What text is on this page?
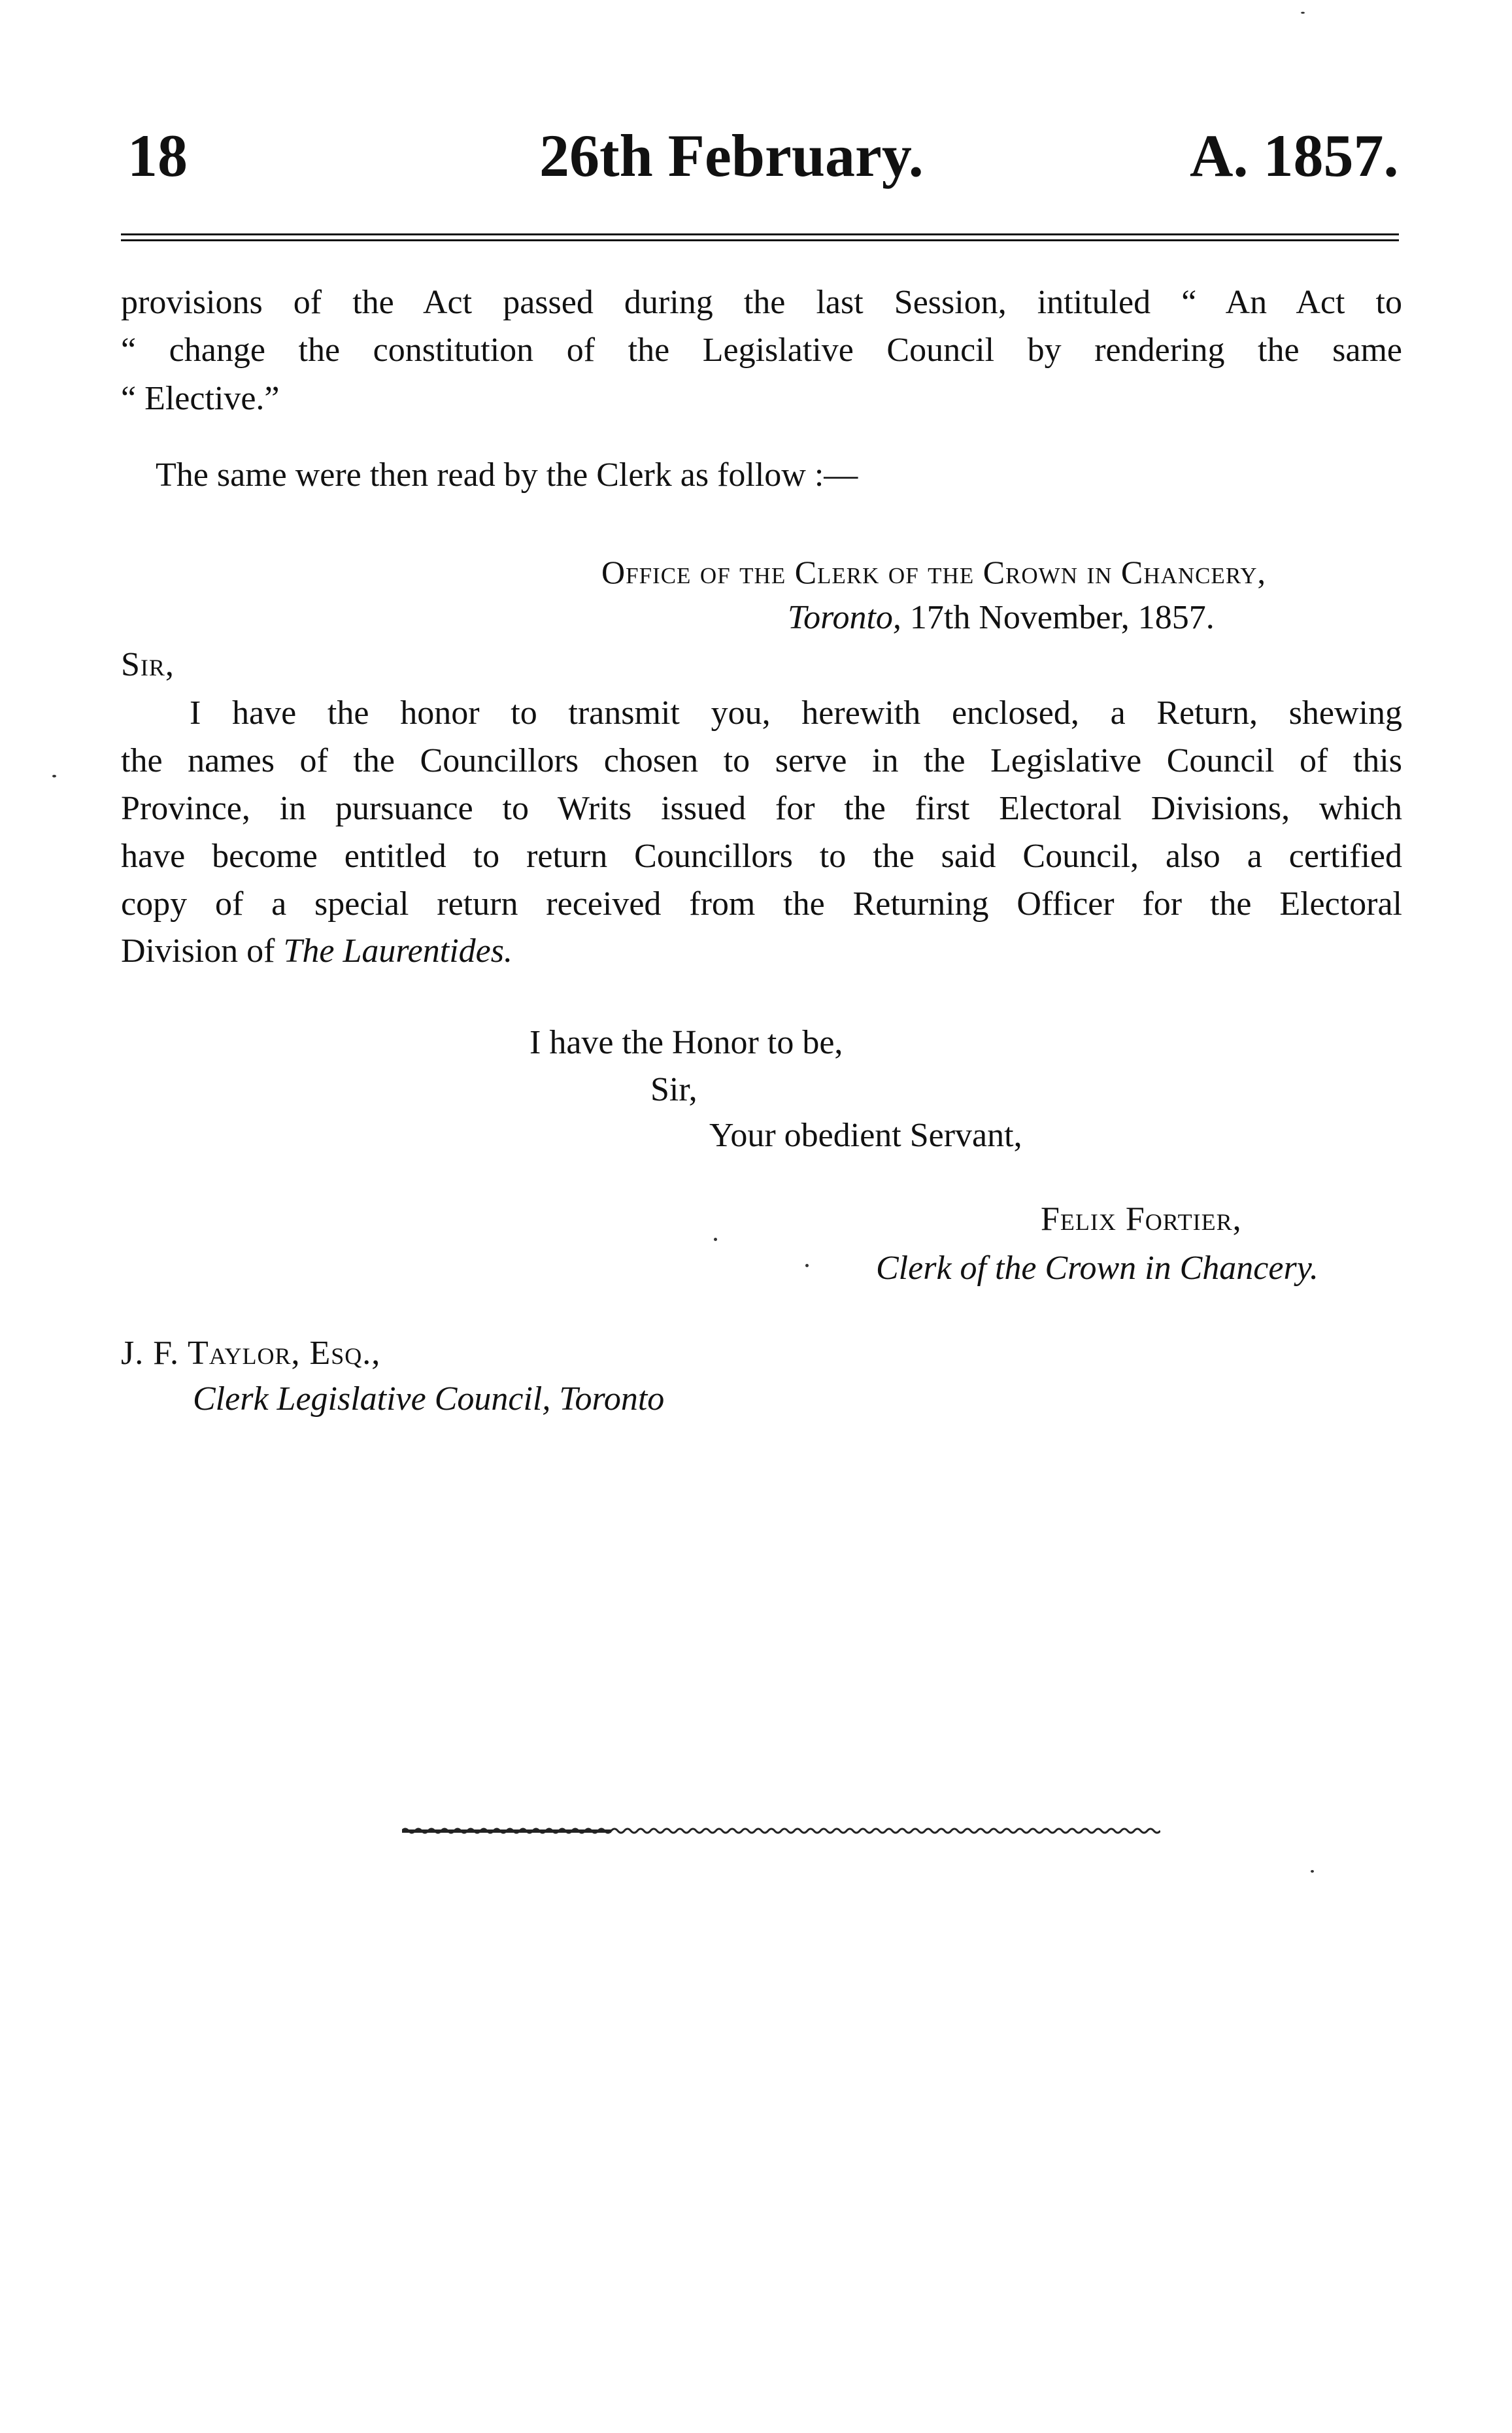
18	26th February.	A. 1857.
provisions of the Act passed during the last Session, intituled “ An Act to
“ change the constitution of the Legislative Council by rendering the same
“ Elective.”
The same were then read by the Clerk as follow :—
Office of the Clerk of the Crown in Chancery,
Toronto, 17th November, 1857.
Sir,
I have the honor to transmit you, herewith enclosed, a Return, shewing
the names of the Councillors chosen to serve in the Legislative Council of this
Province, in pursuance to Writs issued for the first Electoral Divisions, which
have become entitled to return Councillors to the said Council, also a certified
copy of a special return received from the Returning Officer for the Electoral
Division of The Laurentides.
I have the Honor to be,
Sir,
Your obedient Servant,
Felix Fortier,
Clerk of the Crown in Chancery.
J. F. Taylor, Esq.,
Clerk Legislative Council, Toronto
